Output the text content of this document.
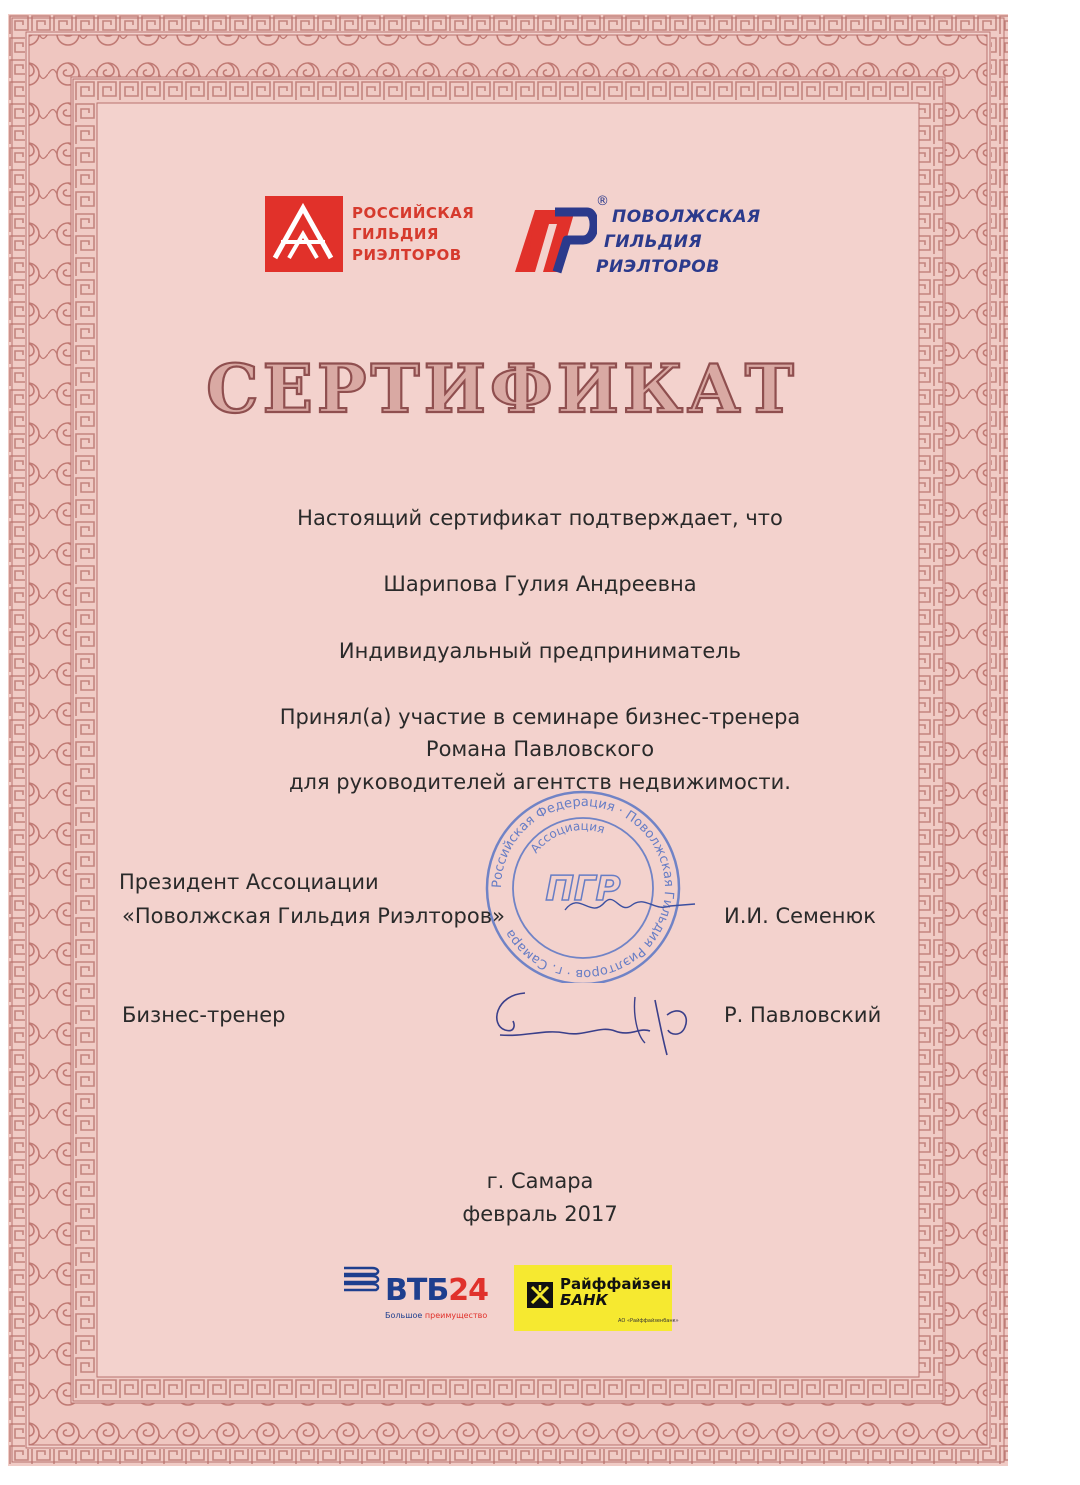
РОССИЙСКАЯ
ГИЛЬДИЯ
РИЭЛТОРОВ
®
ПОВОЛЖСКАЯ
ГИЛЬДИЯ
РИЭЛТОРОВ
СЕРТИФИКАТ
Настоящий сертификат подтверждает, что
Шарипова Гулия Андреевна
Индивидуальный предприниматель
Принял(а) участие в семинаре бизнес-тренера
Романа Павловского
для руководителей агентств недвижимости.
Российская Федерация · Поволжская Гильдия Риэлторов · г. Самара
Ассоциация
ПГР
Президент Ассоциации
«Поволжская Гильдия Риэлторов»	И.И. Семенюк
Бизнес-тренер	Р. Павловский
г. Самара
февраль 2017
ВТБ24
Большое преимущество
Райффайзен
БАНК
АО «Райффайзенбанк»
